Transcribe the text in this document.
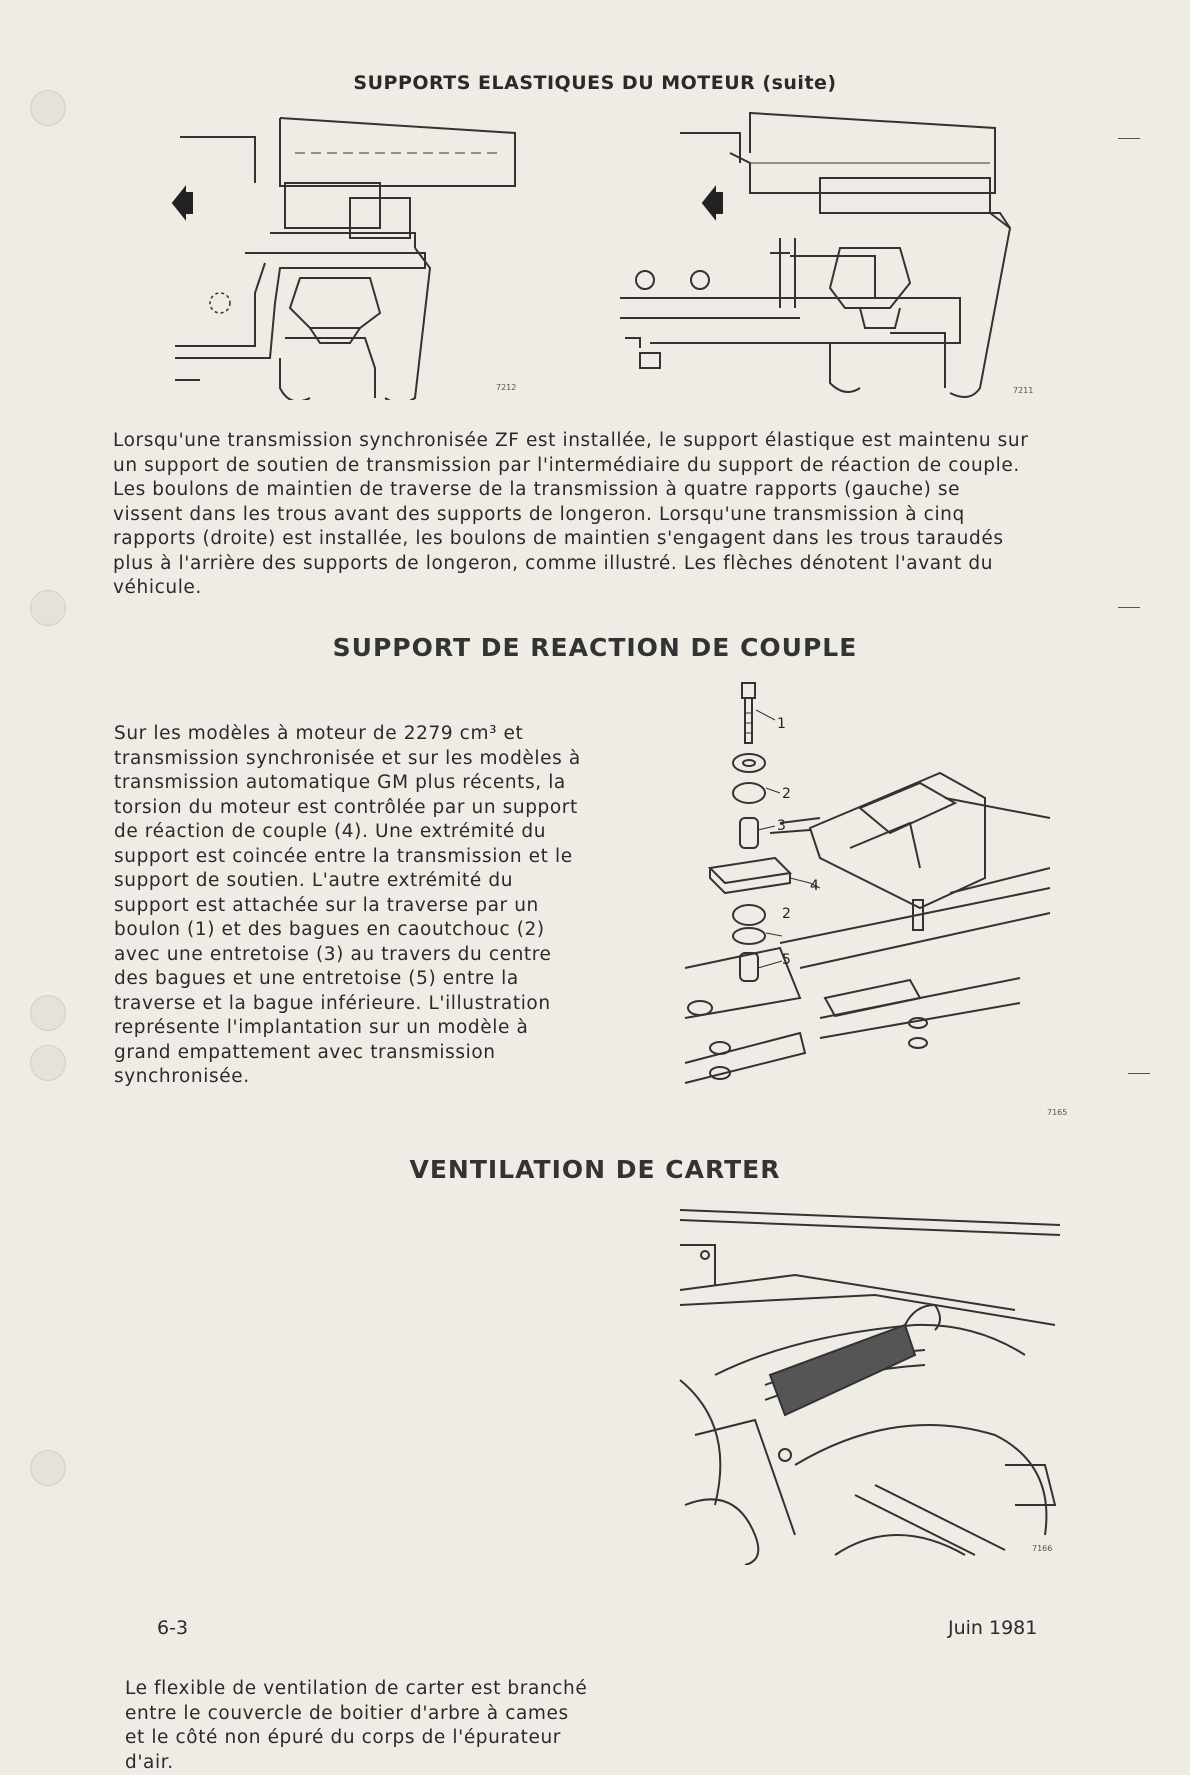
SUPPORTS ELASTIQUES DU MOTEUR (suite)
7212	7211

Lorsqu'une transmission synchronisée ZF est installée, le support élastique est maintenu sur un support de soutien de transmission par l'intermédiaire du support de réaction de couple. Les boulons de maintien de traverse de la transmission à quatre rapports (gauche) se vissent dans les trous avant des supports de longeron. Lorsqu'une transmission à cinq rapports (droite) est installée, les boulons de maintien s'engagent dans les trous taraudés plus à l'arrière des supports de longeron, comme illustré. Les flèches dénotent l'avant du véhicule.

SUPPORT DE REACTION DE COUPLE

Sur les modèles à moteur de 2279 cm³ et transmission synchronisée et sur les modèles à transmission automatique GM plus récents, la torsion du moteur est contrôlée par un support de réaction de couple (4). Une extrémité du support est coincée entre la transmission et le support de soutien. L'autre extrémité du support est attachée sur la traverse par un boulon (1) et des bagues en caoutchouc (2) avec une entretoise (3) au travers du centre des bagues et une entretoise (5) entre la traverse et la bague inférieure. L'illustration représente l'implantation sur un modèle à grand empattement avec transmission synchronisée.

1
2
3
4
2
5
7165
VENTILATION DE CARTER

Le flexible de ventilation de carter est branché entre le couvercle de boitier d'arbre à cames et le côté non épuré du corps de l'épurateur d'air.

7166
6-3	Juin 1981
